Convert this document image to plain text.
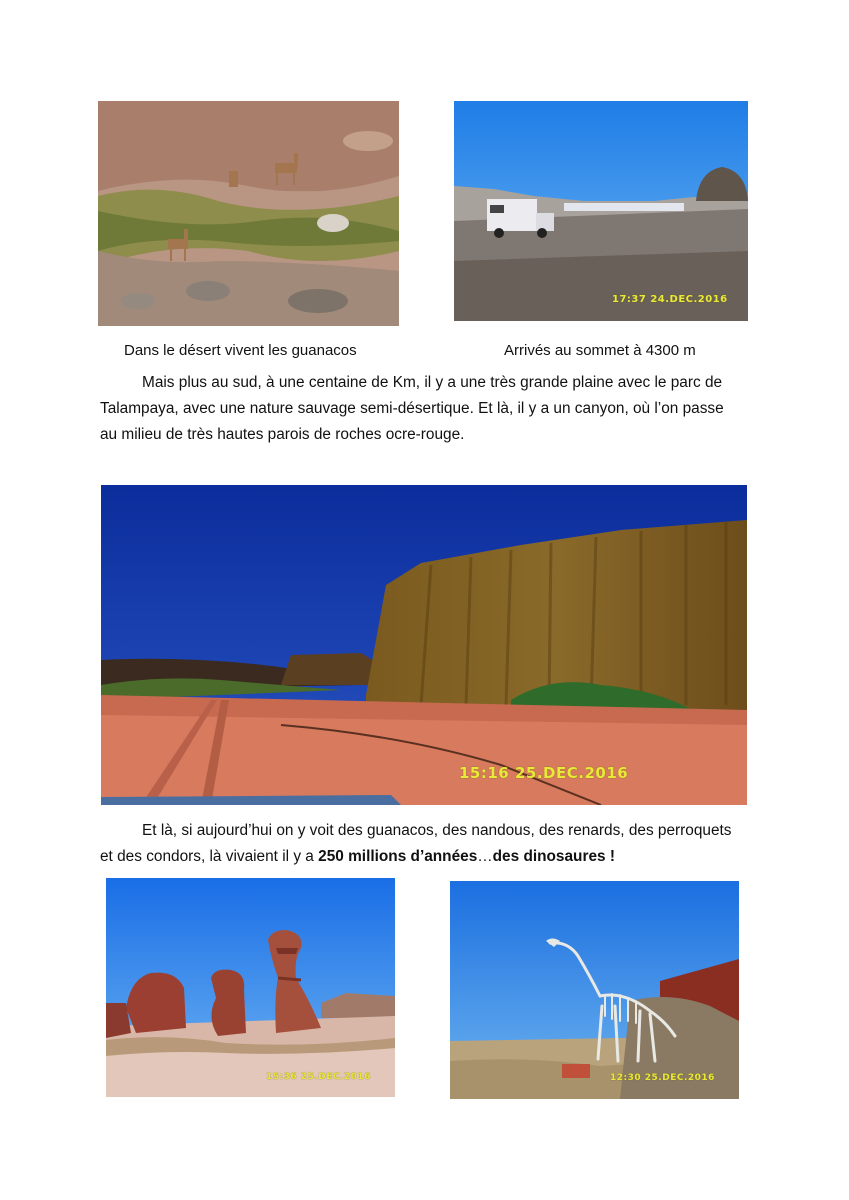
17:37 24.DEC.2016
Dans le désert vivent les guanacos	Arrivés au sommet à 4300 m

Mais plus au sud, à une centaine de Km, il y a une très grande plaine avec le parc de
Talampaya, avec une nature sauvage semi-désertique. Et là, il y a un canyon, où l’on passe
au milieu de très hautes parois de roches ocre-rouge.

15:16 25.DEC.2016

Et là, si aujourd’hui on y voit des guanacos, des nandous, des renards, des perroquets
et des condors, là vivaient il y a 250 millions d’années…des dinosaures !

15:36 25.DEC.2016	12:30 25.DEC.2016
